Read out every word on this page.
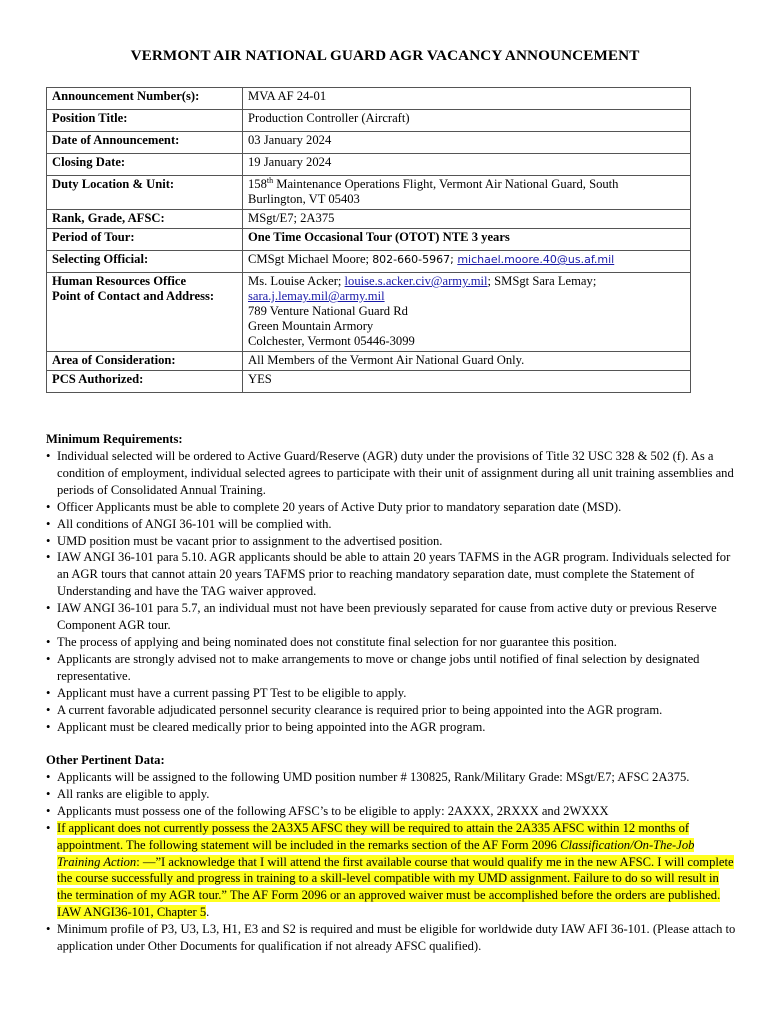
VERMONT AIR NATIONAL GUARD AGR VACANCY ANNOUNCEMENT
Announcement Number(s):	MVA AF 24-01
Position Title:	Production Controller (Aircraft)
Date of Announcement:	03 January 2024
Closing Date:	19 January 2024
Duty Location & Unit:	158th Maintenance Operations Flight, Vermont Air National Guard, South
Burlington, VT 05403
Rank, Grade, AFSC:	MSgt/E7; 2A375
Period of Tour:	One Time Occasional Tour (OTOT) NTE 3 years
Selecting Official:	CMSgt Michael Moore; 802-660-5967; michael.moore.40@us.af.mil
Human Resources Office
Point of Contact and Address:	Ms. Louise Acker; louise.s.acker.civ@army.mil; SMSgt Sara Lemay;
sara.j.lemay.mil@army.mil
789 Venture National Guard Rd
Green Mountain Armory
Colchester, Vermont 05446-3099
Area of Consideration:	All Members of the Vermont Air National Guard Only.
PCS Authorized:	YES
Minimum Requirements:
• Individual selected will be ordered to Active Guard/Reserve (AGR) duty under the provisions of Title 32 USC 328 & 502 (f). As a condition of employment, individual selected agrees to participate with their unit of assignment during all unit training assemblies and periods of Consolidated Annual Training.
• Officer Applicants must be able to complete 20 years of Active Duty prior to mandatory separation date (MSD).
• All conditions of ANGI 36-101 will be complied with.
• UMD position must be vacant prior to assignment to the advertised position.
• IAW ANGI 36-101 para 5.10. AGR applicants should be able to attain 20 years TAFMS in the AGR program. Individuals selected for an AGR tours that cannot attain 20 years TAFMS prior to reaching mandatory separation date, must complete the Statement of Understanding and have the TAG waiver approved.
• IAW ANGI 36-101 para 5.7, an individual must not have been previously separated for cause from active duty or previous Reserve Component AGR tour.
• The process of applying and being nominated does not constitute final selection for nor guarantee this position.
• Applicants are strongly advised not to make arrangements to move or change jobs until notified of final selection by designated representative.
• Applicant must have a current passing PT Test to be eligible to apply.
• A current favorable adjudicated personnel security clearance is required prior to being appointed into the AGR program.
• Applicant must be cleared medically prior to being appointed into the AGR program.
Other Pertinent Data:
• Applicants will be assigned to the following UMD position number # 130825, Rank/Military Grade: MSgt/E7; AFSC 2A375.
• All ranks are eligible to apply.
• Applicants must possess one of the following AFSC’s to be eligible to apply: 2AXXX, 2RXXX and 2WXXX
• If applicant does not currently possess the 2A3X5 AFSC they will be required to attain the 2A335 AFSC within 12 months of appointment. The following statement will be included in the remarks section of the AF Form 2096 Classification/On-The-Job Training Action: —”I acknowledge that I will attend the first available course that would qualify me in the new AFSC. I will complete the course successfully and progress in training to a skill-level compatible with my UMD assignment. Failure to do so will result in the termination of my AGR tour.” The AF Form 2096 or an approved waiver must be accomplished before the orders are published. IAW ANGI36-101, Chapter 5.
• Minimum profile of P3, U3, L3, H1, E3 and S2 is required and must be eligible for worldwide duty IAW AFI 36-101. (Please attach to application under Other Documents for qualification if not already AFSC qualified).
